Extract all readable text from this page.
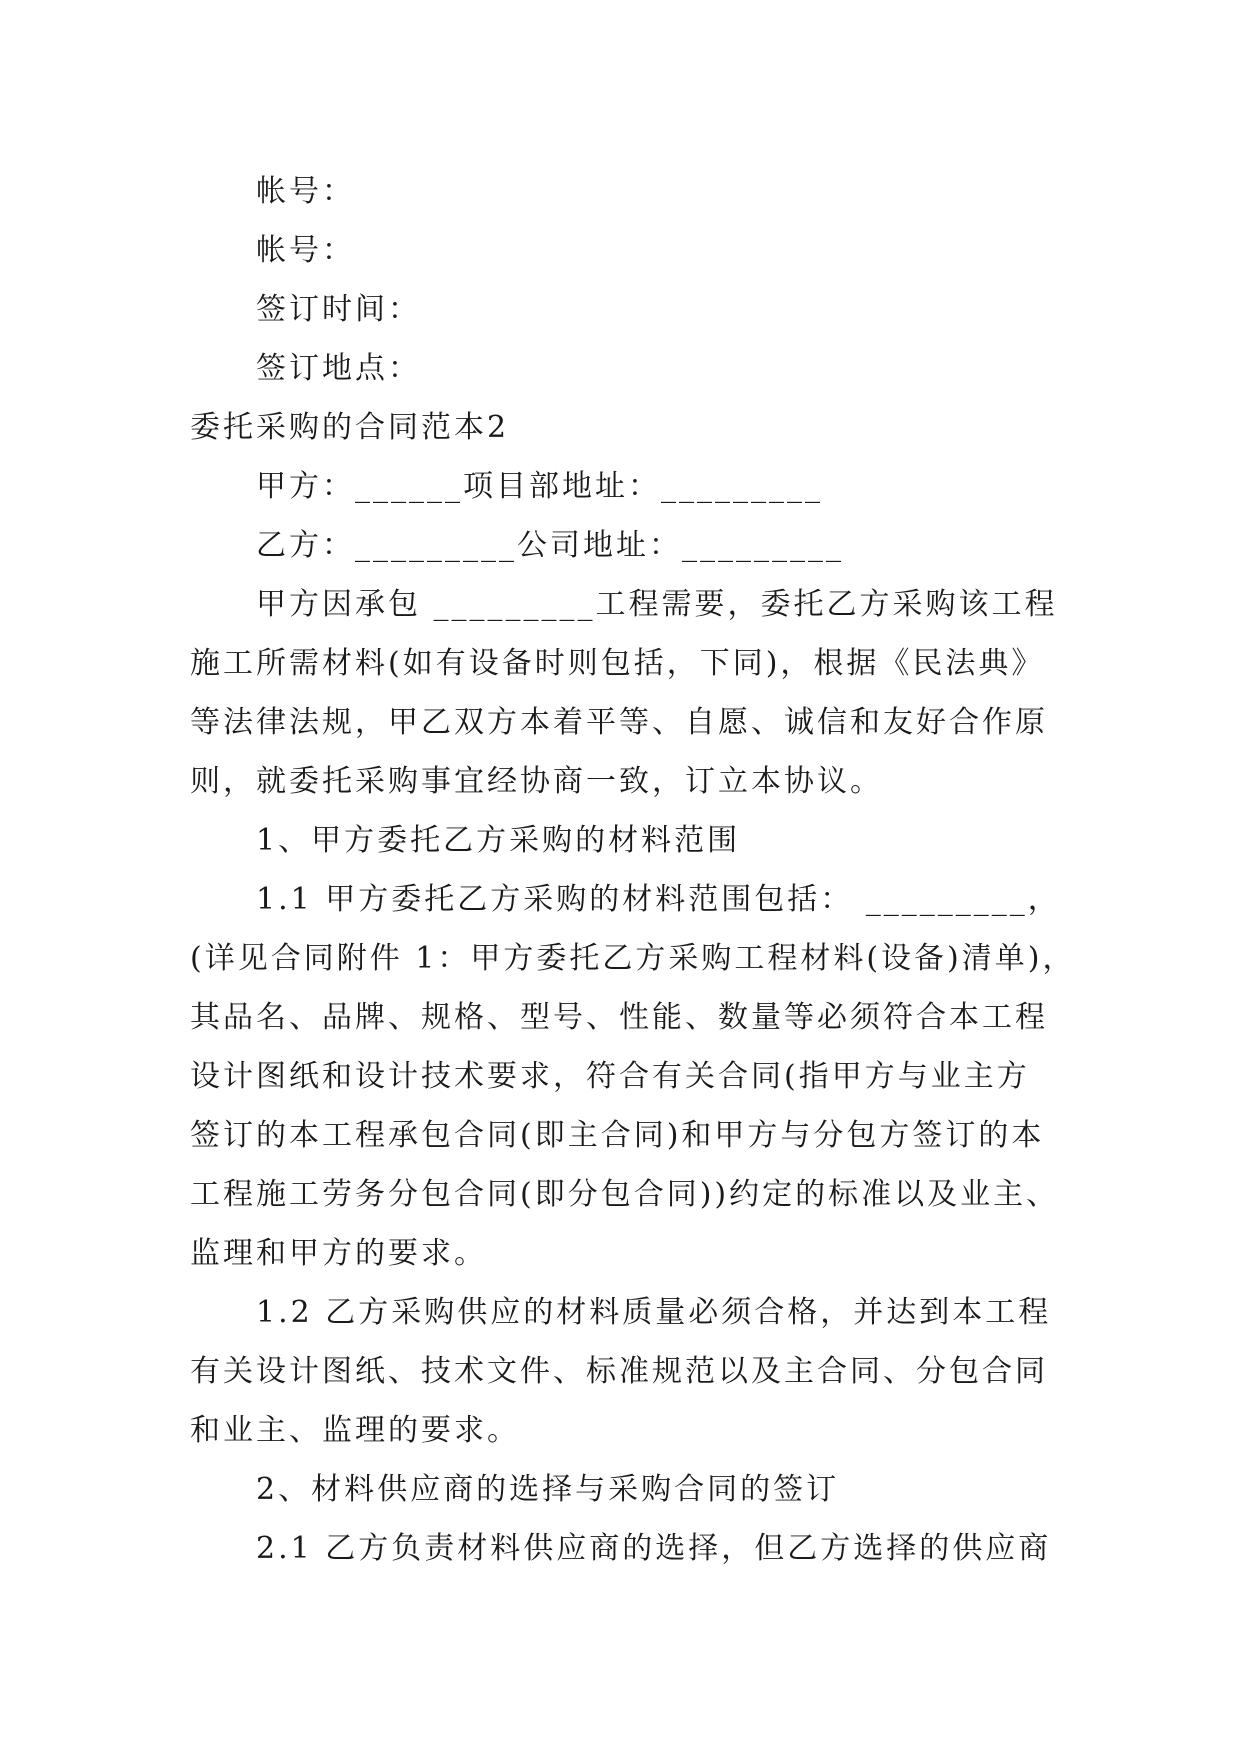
帐号：
帐号：
签订时间：
签订地点：
委托采购的合同范本2
甲方：______项目部地址：_________
乙方：_________公司地址：_________
甲方因承包 _________工程需要，委托乙方采购该工程
施工所需材料(如有设备时则包括，下同)，根据《民法典》
等法律法规，甲乙双方本着平等、自愿、诚信和友好合作原
则，就委托采购事宜经协商一致，订立本协议。
1、甲方委托乙方采购的材料范围
1.1 甲方委托乙方采购的材料范围包括： _________，
(详见合同附件 1：甲方委托乙方采购工程材料(设备)清单)，
其品名、品牌、规格、型号、性能、数量等必须符合本工程
设计图纸和设计技术要求，符合有关合同(指甲方与业主方
签订的本工程承包合同(即主合同)和甲方与分包方签订的本
工程施工劳务分包合同(即分包合同))约定的标准以及业主、
监理和甲方的要求。
1.2 乙方采购供应的材料质量必须合格，并达到本工程
有关设计图纸、技术文件、标准规范以及主合同、分包合同
和业主、监理的要求。
2、材料供应商的选择与采购合同的签订
2.1 乙方负责材料供应商的选择，但乙方选择的供应商
